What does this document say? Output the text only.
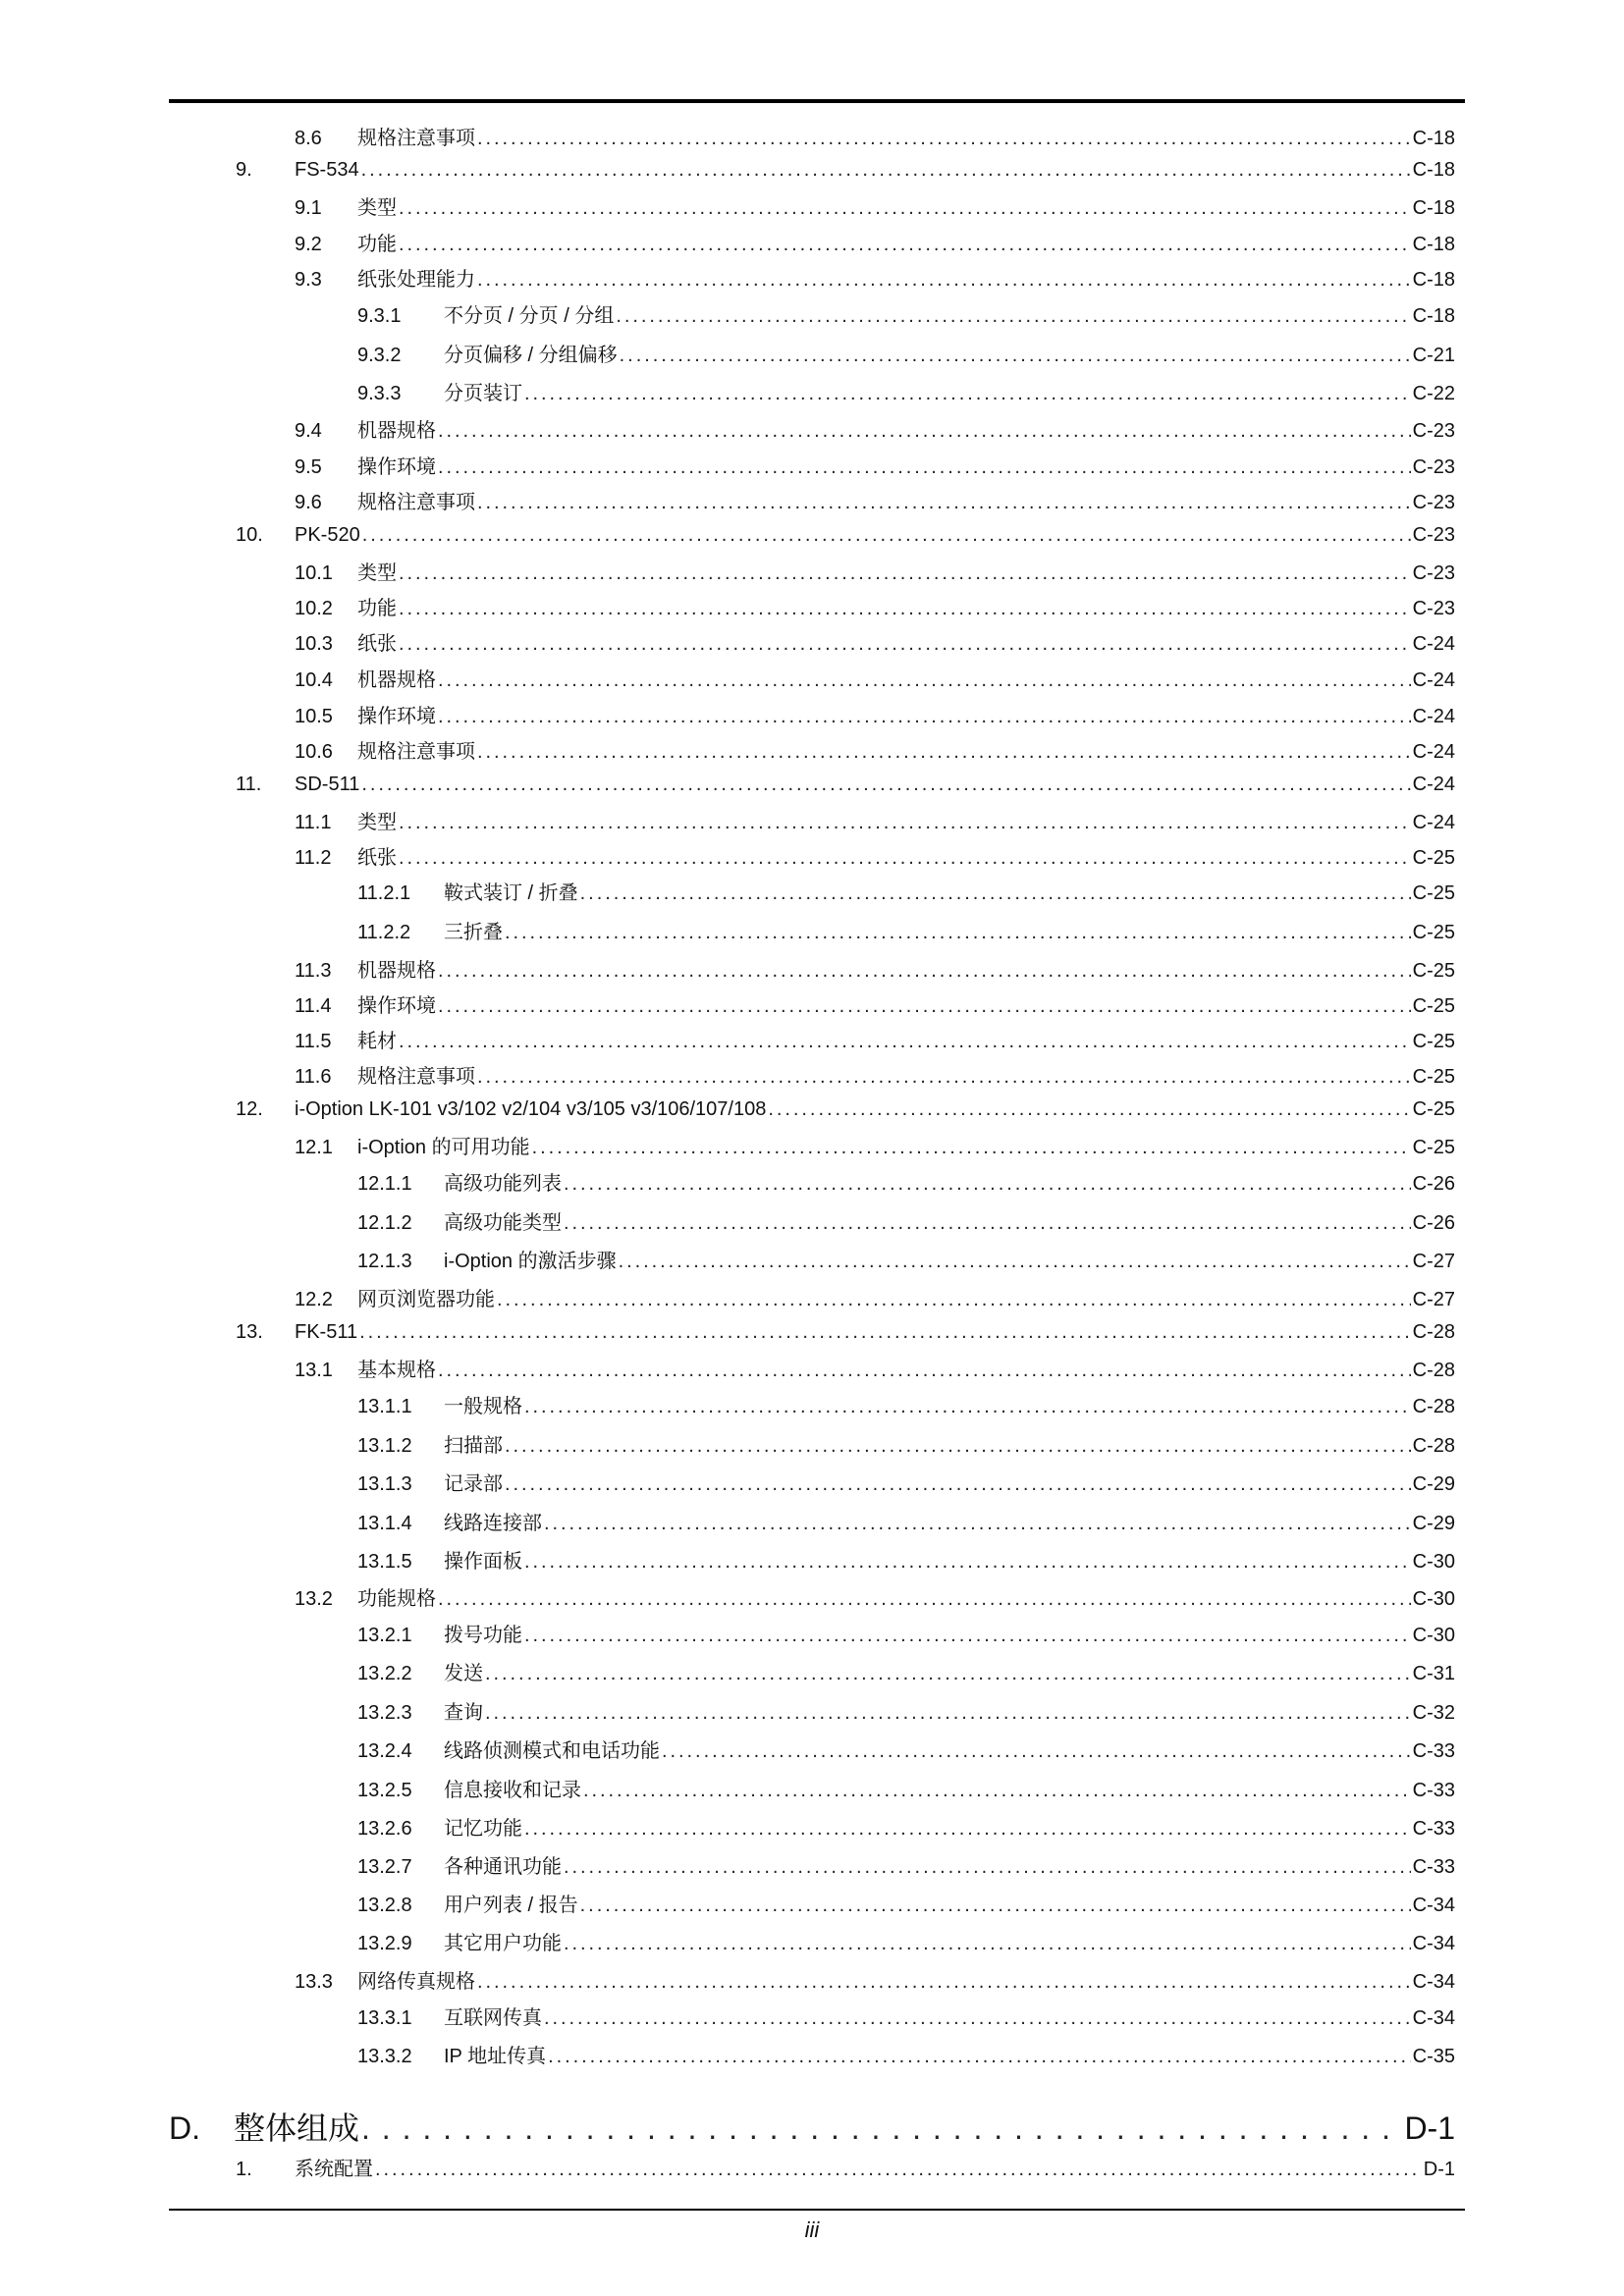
8.6 规格注意事项 . . .	C-18
9. FS-534 . . .	C-18
9.1 类型 . . .	C-18
9.2 功能 . . .	C-18
9.3 纸张处理能力 . . .	C-18
9.3.1 不分页 / 分页 / 分组 . . .	C-18
9.3.2 分页偏移 / 分组偏移 . . .	C-21
9.3.3 分页装订 . . .	C-22
9.4 机器规格 . . .	C-23
9.5 操作环境 . . .	C-23
9.6 规格注意事项 . . .	C-23
10. PK-520 . . .	C-23
10.1 类型 . . .	C-23
10.2 功能 . . .	C-23
10.3 纸张 . . .	C-24
10.4 机器规格 . . .	C-24
10.5 操作环境 . . .	C-24
10.6 规格注意事项 . . .	C-24
11. SD-511 . . .	C-24
11.1 类型 . . .	C-24
11.2 纸张 . . .	C-25
11.2.1 鞍式装订 / 折叠 . . .	C-25
11.2.2 三折叠 . . .	C-25
11.3 机器规格 . . .	C-25
11.4 操作环境 . . .	C-25
11.5 耗材 . . .	C-25
11.6 规格注意事项 . . .	C-25
12. i-Option LK-101 v3/102 v2/104 v3/105 v3/106/107/108 . . .	C-25
12.1 i-Option 的可用功能 . . .	C-25
12.1.1 高级功能列表 . . .	C-26
12.1.2 高级功能类型 . . .	C-26
12.1.3 i-Option 的激活步骤 . . .	C-27
12.2 网页浏览器功能 . . .	C-27
13. FK-511 . . .	C-28
13.1 基本规格 . . .	C-28
13.1.1 一般规格 . . .	C-28
13.1.2 扫描部 . . .	C-28
13.1.3 记录部 . . .	C-29
13.1.4 线路连接部 . . .	C-29
13.1.5 操作面板 . . .	C-30
13.2 功能规格 . . .	C-30
13.2.1 拨号功能 . . .	C-30
13.2.2 发送 . . .	C-31
13.2.3 查询 . . .	C-32
13.2.4 线路侦测模式和电话功能 . . .	C-33
13.2.5 信息接收和记录 . . .	C-33
13.2.6 记忆功能 . . .	C-33
13.2.7 各种通讯功能 . . .	C-33
13.2.8 用户列表 / 报告 . . .	C-34
13.2.9 其它用户功能 . . .	C-34
13.3 网络传真规格 . . .	C-34
13.3.1 互联网传真 . . .	C-34
13.3.2 IP 地址传真 . . .	C-35
D. 整体组成 . . .	D-1
1. 系统配置 . . .	D-1
iii
